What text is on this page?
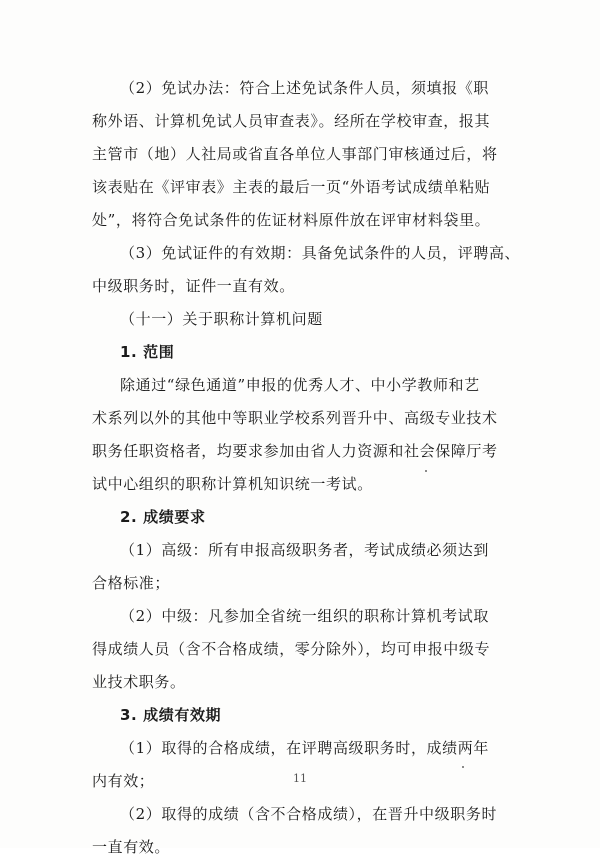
（2）免试办法：符合上述免试条件人员，须填报《职
称外语、计算机免试人员审查表》。经所在学校审查，报其
主管市（地）人社局或省直各单位人事部门审核通过后，将
该表贴在《评审表》主表的最后一页“外语考试成绩单粘贴
处”，将符合免试条件的佐证材料原件放在评审材料袋里。
（3）免试证件的有效期：具备免试条件的人员，评聘高、
中级职务时，证件一直有效。
（十一）关于职称计算机问题
1. 范围
除通过“绿色通道”申报的优秀人才、中小学教师和艺
术系列以外的其他中等职业学校系列晋升中、高级专业技术
职务任职资格者，均要求参加由省人力资源和社会保障厅考
试中心组织的职称计算机知识统一考试。
2. 成绩要求
（1）高级：所有申报高级职务者，考试成绩必须达到
合格标准；
（2）中级：凡参加全省统一组织的职称计算机考试取
得成绩人员（含不合格成绩，零分除外），均可申报中级专
业技术职务。
3. 成绩有效期
（1）取得的合格成绩，在评聘高级职务时，成绩两年
内有效；
（2）取得的成绩（含不合格成绩），在晋升中级职务时
一直有效。
11
